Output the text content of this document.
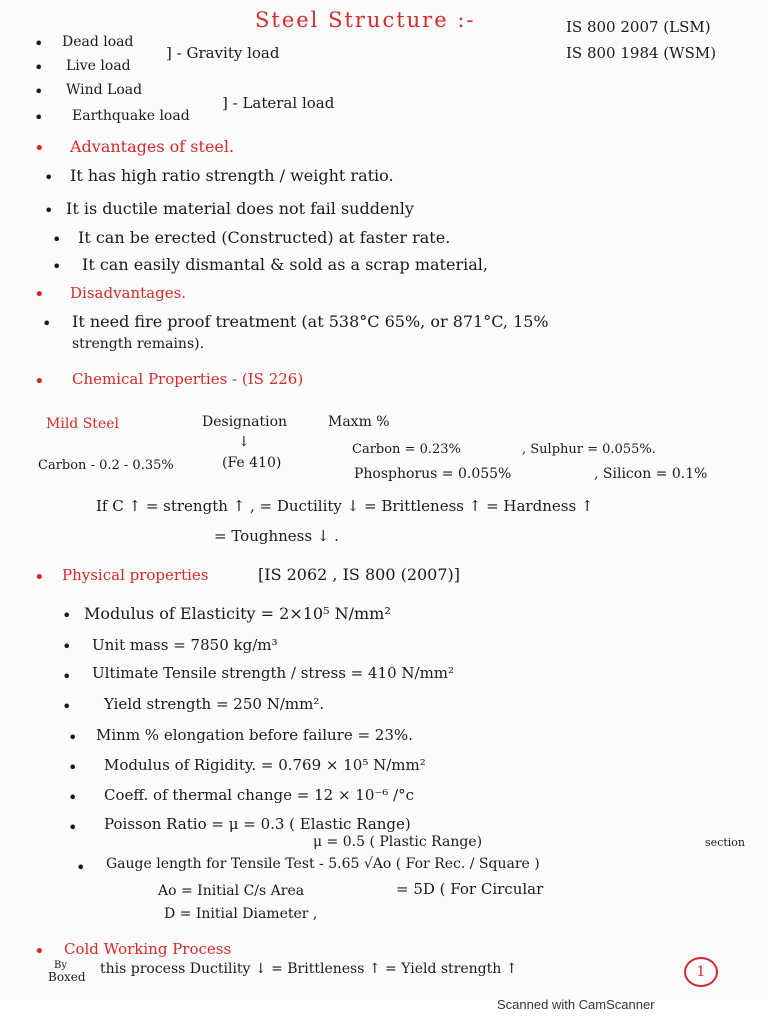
Steel Structure :-	IS 800 2007 (LSM)
IS 800 1984 (WSM)
• Dead load
• Live load
] - Gravity load
• Wind Load
• Earthquake load
] - Lateral load
• Advantages of steel.
• It has high ratio strength / weight ratio.
• It is ductile material does not fail suddenly
• It can be erected (Constructed) at faster rate.
• It can easily dismantal & sold as a scrap material,
• Disadvantages.
• It need fire proof treatment (at 538°C 65%, or 871°C, 15%
strength remains).
• Chemical Properties - (IS 226)
Mild Steel	Designation
↓
Maxm %
Carbon - 0.2 - 0.35%	(Fe 410)
Carbon = 0.23%	, Sulphur = 0.055%.
Phosphorus = 0.055%	, Silicon = 0.1%
If C ↑ = strength ↑ , = Ductility ↓ = Brittleness ↑ = Hardness ↑
= Toughness ↓ .
• Physical properties	[IS 2062 , IS 800 (2007)]
• Modulus of Elasticity = 2×10⁵ N/mm²
• Unit mass = 7850 kg/m³
• Ultimate Tensile strength / stress = 410 N/mm²
• Yield strength = 250 N/mm².
• Minm % elongation before failure = 23%.
• Modulus of Rigidity. = 0.769 × 10⁵ N/mm²
• Coeff. of thermal change = 12 × 10⁻⁶ /°c
• Poisson Ratio = μ = 0.3 ( Elastic Range)
μ = 0.5 ( Plastic Range)	section
• Gauge length for Tensile Test - 5.65 √Ao ( For Rec. / Square )
Ao = Initial C/s Area	= 5D ( For Circular
D = Initial Diameter ,
• Cold Working Process
By
Boxed this process Ductility ↓ = Brittleness ↑ = Yield strength ↑	1
Scanned with CamScanner
